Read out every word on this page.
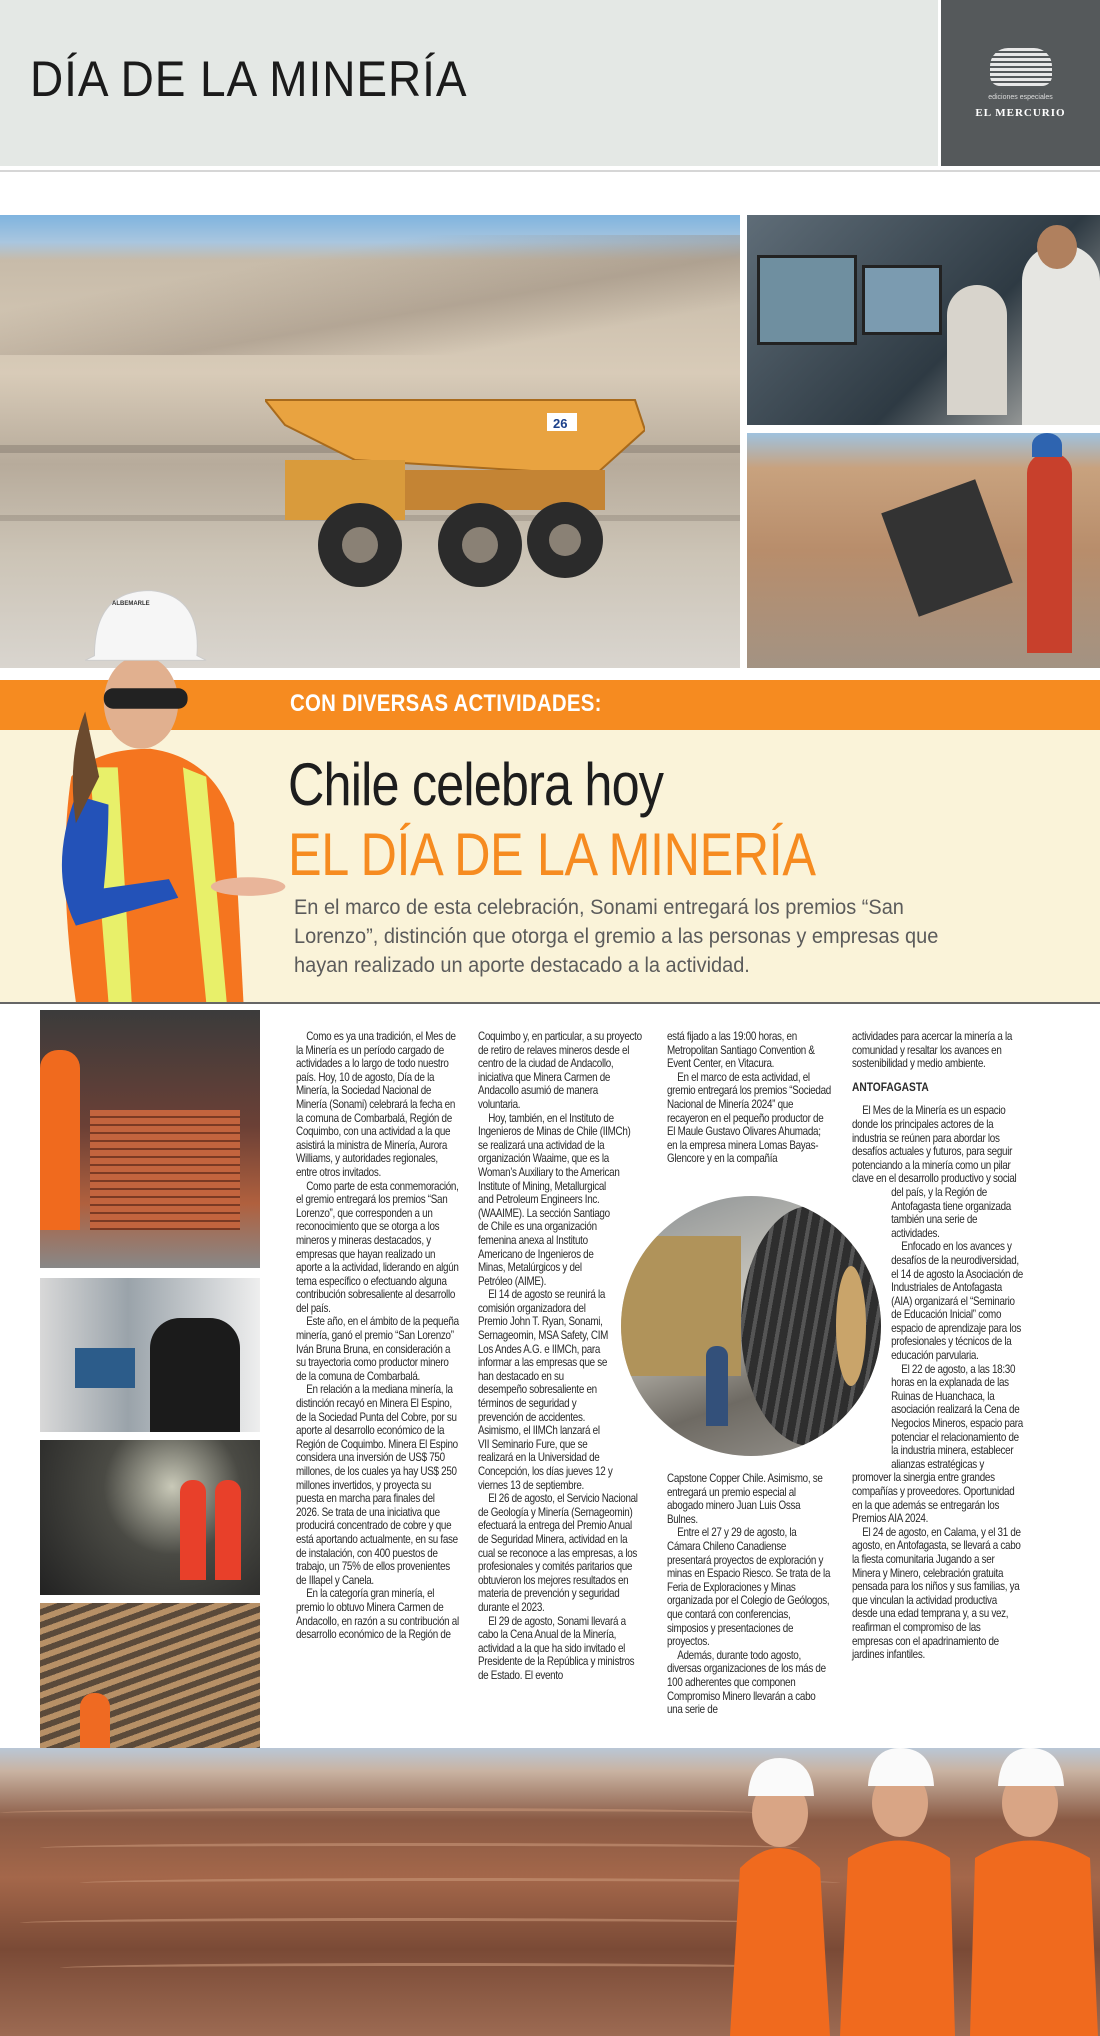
DÍA DE LA MINERÍA	ediciones especiales
EL MERCURIO
26
CON DIVERSAS ACTIVIDADES:
Chile celebra hoy
EL DÍA DE LA MINERÍA
En el marco de esta celebración, Sonami entregará los premios “San Lorenzo”, distinción que otorga el gremio a las personas y empresas que hayan realizado un aporte destacado a la actividad.
ALBEMARLE

Como es ya una tradición, el Mes de la Minería es un período cargado de actividades a lo largo de todo nuestro país. Hoy, 10 de agosto, Día de la Minería, la Sociedad Nacional de Minería (Sonami) celebrará la fecha en la comuna de Combarbalá, Región de Coquimbo, con una actividad a la que asistirá la ministra de Minería, Aurora Williams, y autoridades regionales, entre otros invitados.

Como parte de esta conmemoración, el gremio entregará los premios “San Lorenzo”, que corresponden a un reconocimiento que se otorga a los mineros y mineras destacados, y empresas que hayan realizado un aporte a la actividad, liderando en algún tema específico o efectuando alguna contribución sobresaliente al desarrollo del país.

Este año, en el ámbito de la pequeña minería, ganó el premio “San Lorenzo” Iván Bruna Bruna, en consideración a su trayectoria como productor minero de la comuna de Combarbalá.

En relación a la mediana minería, la distinción recayó en Minera El Espino, de la Sociedad Punta del Cobre, por su aporte al desarrollo económico de la Región de Coquimbo. Minera El Espino considera una inversión de US$ 750 millones, de los cuales ya hay US$ 250 millones invertidos, y proyecta su puesta en marcha para finales del 2026. Se trata de una iniciativa que producirá concentrado de cobre y que está aportando actualmente, en su fase de instalación, con 400 puestos de trabajo, un 75% de ellos provenientes de Illapel y Canela.

En la categoría gran minería, el premio lo obtuvo Minera Carmen de Andacollo, en razón a su contribución al desarrollo económico de la Región de

Coquimbo y, en particular, a su proyecto de retiro de relaves mineros desde el centro de la ciudad de Andacollo, iniciativa que Minera Carmen de Andacollo asumió de manera voluntaria.

Hoy, también, en el Instituto de Ingenieros de Minas de Chile (IIMCh) se realizará una actividad de la organización Waaime, que es la Woman’s Auxiliary to the American Institute of Mining, Metallurgical and Petroleum Engineers Inc. (WAAIME). La sección Santiago de Chile es una organización femenina anexa al Instituto Americano de Ingenieros de Minas, Metalúrgicos y del Petróleo (AIME).

El 14 de agosto se reunirá la comisión organizadora del Premio John T. Ryan, Sonami, Sernageomin, MSA Safety, CIM Los Andes A.G. e IIMCh, para informar a las empresas que se han destacado en su desempeño sobresaliente en términos de seguridad y prevención de accidentes. Asimismo, el IIMCh lanzará el VII Seminario Fure, que se realizará en la Universidad de Concepción, los días jueves 12 y viernes 13 de septiembre.

El 26 de agosto, el Servicio Nacional de Geología y Minería (Sernageomin) efectuará la entrega del Premio Anual de Seguridad Minera, actividad en la cual se reconoce a las empresas, a los profesionales y comités paritarios que obtuvieron los mejores resultados en materia de prevención y seguridad durante el 2023.

El 29 de agosto, Sonami llevará a cabo la Cena Anual de la Minería, actividad a la que ha sido invitado el Presidente de la República y ministros de Estado. El evento

está fijado a las 19:00 horas, en Metropolitan Santiago Convention & Event Center, en Vitacura.

En el marco de esta actividad, el gremio entregará los premios “Sociedad Nacional de Minería 2024” que recayeron en el pequeño productor de El Maule Gustavo Olivares Ahumada; en la empresa minera Lomas Bayas-Glencore y en la compañía

Capstone Copper Chile. Asimismo, se entregará un premio especial al abogado minero Juan Luis Ossa Bulnes.

Entre el 27 y 29 de agosto, la Cámara Chileno Canadiense presentará proyectos de exploración y minas en Espacio Riesco. Se trata de la Feria de Exploraciones y Minas organizada por el Colegio de Geólogos, que contará con conferencias, simposios y presentaciones de proyectos.

Además, durante todo agosto, diversas organizaciones de los más de 100 adherentes que componen Compromiso Minero llevarán a cabo una serie de

actividades para acercar la minería a la comunidad y resaltar los avances en sostenibilidad y medio ambiente.

ANTOFAGASTA

El Mes de la Minería es un espacio donde los principales actores de la industria se reúnen para abordar los desafíos actuales y futuros, para seguir potenciando a la minería como un pilar clave en el desarrollo productivo y social del país, y la Región de Antofagasta tiene organizada también una serie de actividades.

Enfocado en los avances y desafíos de la neurodiversidad, el 14 de agosto la Asociación de Industriales de Antofagasta (AIA) organizará el “Seminario de Educación Inicial” como espacio de aprendizaje para los profesionales y técnicos de la educación parvularia.

El 22 de agosto, a las 18:30 horas en la explanada de las Ruinas de Huanchaca, la asociación realizará la Cena de Negocios Mineros, espacio para potenciar el relacionamiento de la industria minera, establecer alianzas estratégicas y promover la sinergia entre grandes compañías y proveedores. Oportunidad en la que además se entregarán los Premios AIA 2024.

El 24 de agosto, en Calama, y el 31 de agosto, en Antofagasta, se llevará a cabo la fiesta comunitaria Jugando a ser Minera y Minero, celebración gratuita pensada para los niños y sus familias, ya que vinculan la actividad productiva desde una edad temprana y, a su vez, reafirman el compromiso de las empresas con el apadrinamiento de jardines infantiles.
